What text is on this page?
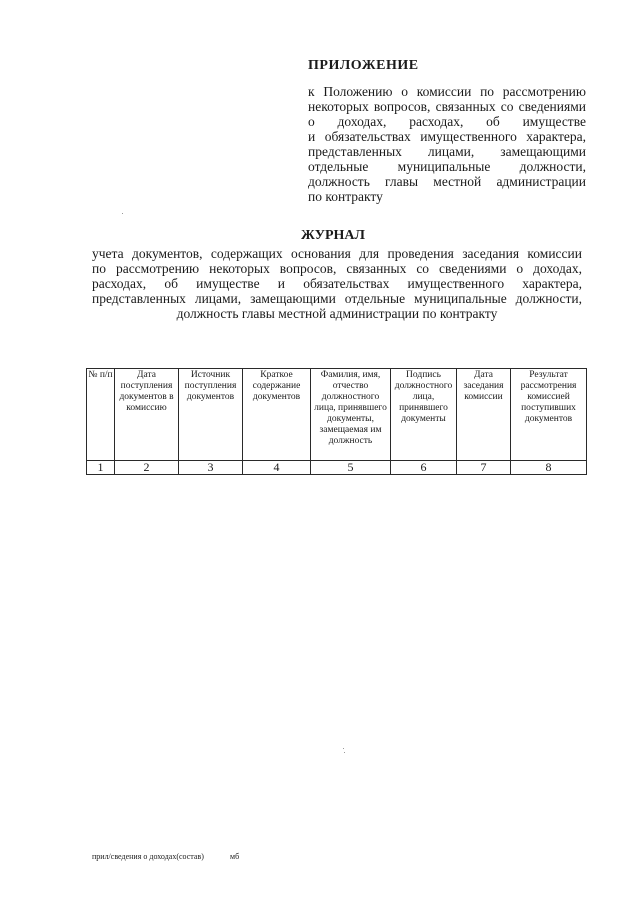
ПРИЛОЖЕНИЕ

к Положению о комиссии по рассмотрению
некоторых вопросов, связанных со сведениями
о доходах, расходах, об имуществе
и обязательствах имущественного характера,
представленных лицами, замещающими
отдельные муниципальные должности,
должность главы местной администрации
по контракту

ЖУРНАЛ

учета документов, содержащих основания для проведения заседания комиссии
по рассмотрению некоторых вопросов, связанных со сведениями о доходах,
расходах, об имуществе и обязательствах имущественного характера,
представленных лицами, замещающими отдельные муниципальные должности,
должность главы местной администрации по контракту

№ п/п	Дата поступления документов в комиссию	Источник поступления документов	Краткое содержание документов	Фамилия, имя, отчество должностного лица, принявшего документы, замещаемая им должность	Подпись должностного лица, принявшего документы	Дата заседания комиссии	Результат рассмотрения комиссией поступивших документов
1	2	3	4	5	6	7	8

прил/сведения о доходах(состав)	мб
